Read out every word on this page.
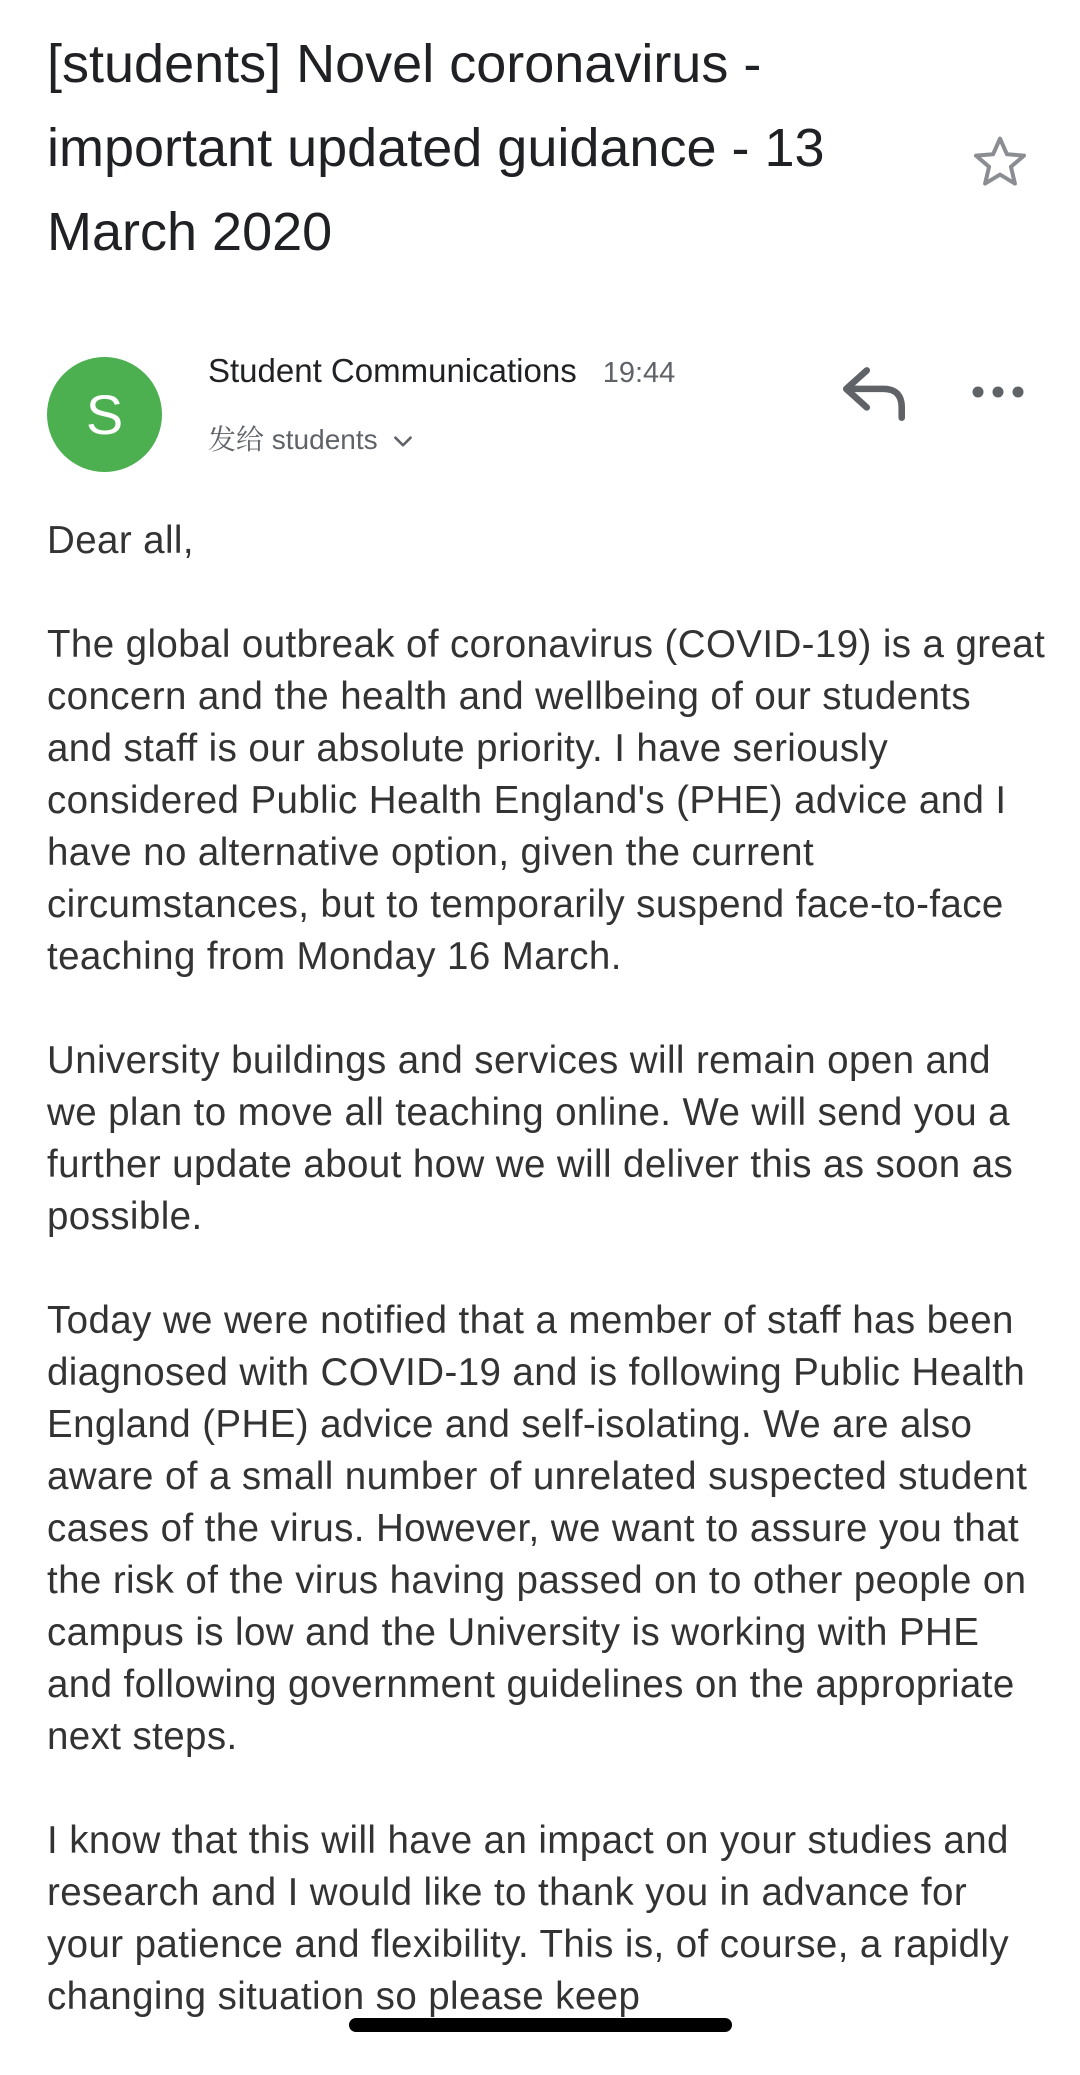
[students] Novel coronavirus - important updated guidance - 13 March 2020
S
Student Communications 19:44
发给 students

Dear all,

The global outbreak of coronavirus (COVID-19) is a great concern and the health and wellbeing of our students and staff is our absolute priority. I have seriously considered Public Health England's (PHE) advice and I have no alternative option, given the current circumstances, but to temporarily suspend face-to-face teaching from Monday 16 March.

University buildings and services will remain open and we plan to move all teaching online. We will send you a further update about how we will deliver this as soon as possible.

Today we were notified that a member of staff has been diagnosed with COVID-19 and is following Public Health England (PHE) advice and self-isolating. We are also aware of a small number of unrelated suspected student cases of the virus. However, we want to assure you that the risk of the virus having passed on to other people on campus is low and the University is working with PHE and following government guidelines on the appropriate next steps.

I know that this will have an impact on your studies and research and I would like to thank you in advance for your patience and flexibility. This is, of course, a rapidly changing situation so please keep
